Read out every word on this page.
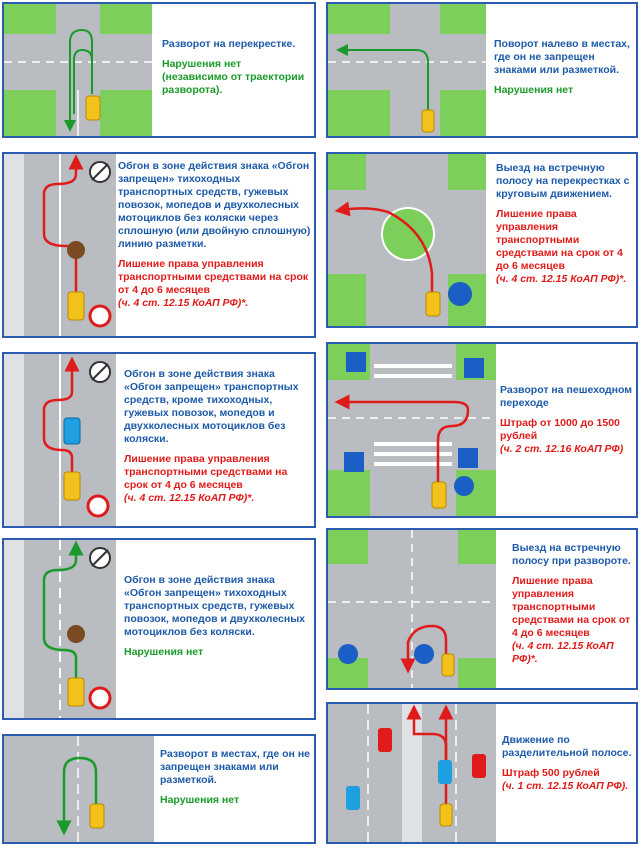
Разворот на перекрестке.

Нарушения нет

(независимо от траектории разворота).

Поворот налево в местах, где он не запрещен знаками или разметкой.

Нарушения нет

Обгон в зоне действия знака «Обгон запрещен» тихоходных транспортных средств, гужевых повозок, мопедов и двухколесных мотоциклов без коляски через сплошную (или двойную сплошную) линию разметки.

Лишение права управления транспортными средствами на срок от 4 до 6 месяцев
(ч. 4 ст. 12.15 КоАП РФ)*.

Выезд на встречную полосу на перекрестках с круговым движением.

Лишение права управления транспортными средствами на срок от 4 до 6 месяцев
(ч. 4 ст. 12.15 КоАП РФ)*.

Обгон в зоне действия знака «Обгон запрещен» транспортных средств, кроме тихоходных, гужевых повозок, мопедов и двухколесных мотоциклов без коляски.

Лишение права управления транспортными средствами на срок от 4 до 6 месяцев
(ч. 4 ст. 12.15 КоАП РФ)*.

Разворот на пешеходном переходе

Штраф от 1000 до 1500 рублей
(ч. 2 ст. 12.16 КоАП РФ)

Обгон в зоне действия знака «Обгон запрещен» тихоходных транспортных средств, гужевых повозок, мопедов и двухколесных мотоциклов без коляски.

Нарушения нет

Выезд на встречную полосу при развороте.

Лишение права управления транспортными средствами на срок от 4 до 6 месяцев
(ч. 4 ст. 12.15 КоАП РФ)*.

Разворот в местах, где он не запрещен знаками или разметкой.

Нарушения нет

Движение по разделительной полосе.

Штраф 500 рублей
(ч. 1 ст. 12.15 КоАП РФ).
